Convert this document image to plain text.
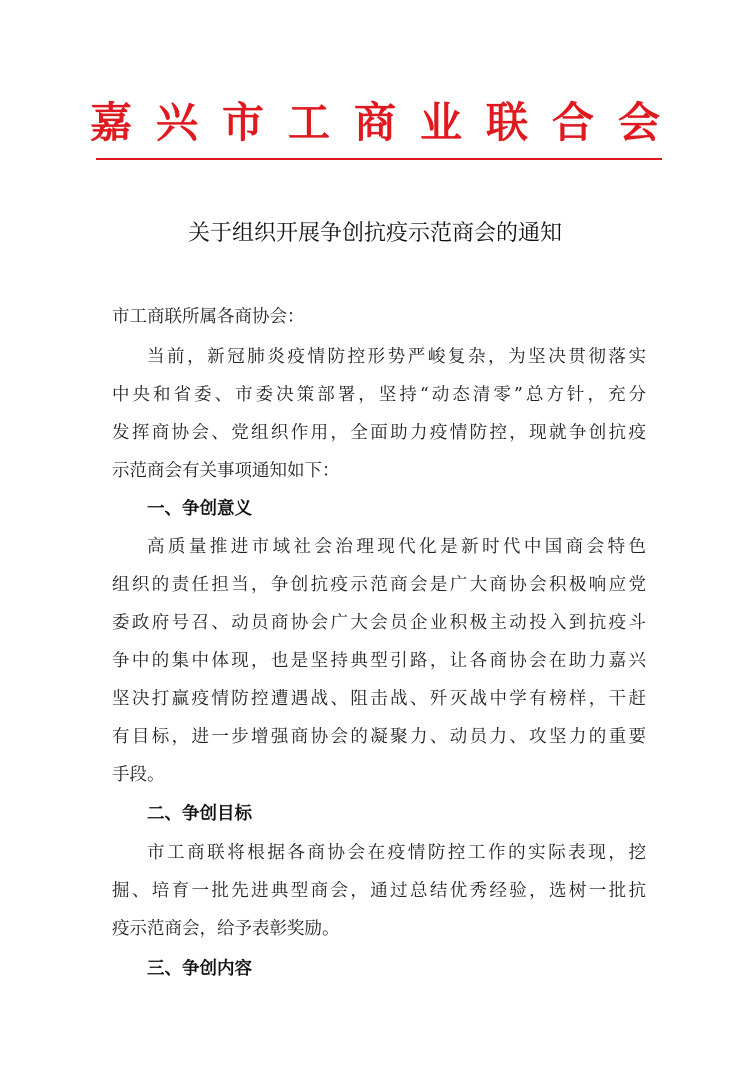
嘉兴市工商业联合会
关于组织开展争创抗疫示范商会的通知
市工商联所属各商协会：
当前，新冠肺炎疫情防控形势严峻复杂，为坚决贯彻落实
中央和省委、市委决策部署，坚持“动态清零”总方针，充分
发挥商协会、党组织作用，全面助力疫情防控，现就争创抗疫
示范商会有关事项通知如下：
一、争创意义
高质量推进市域社会治理现代化是新时代中国商会特色
组织的责任担当，争创抗疫示范商会是广大商协会积极响应党
委政府号召、动员商协会广大会员企业积极主动投入到抗疫斗
争中的集中体现，也是坚持典型引路，让各商协会在助力嘉兴
坚决打赢疫情防控遭遇战、阻击战、歼灭战中学有榜样，干赶
有目标，进一步增强商协会的凝聚力、动员力、攻坚力的重要
手段。
二、争创目标
市工商联将根据各商协会在疫情防控工作的实际表现，挖
掘、培育一批先进典型商会，通过总结优秀经验，选树一批抗
疫示范商会，给予表彰奖励。
三、争创内容
